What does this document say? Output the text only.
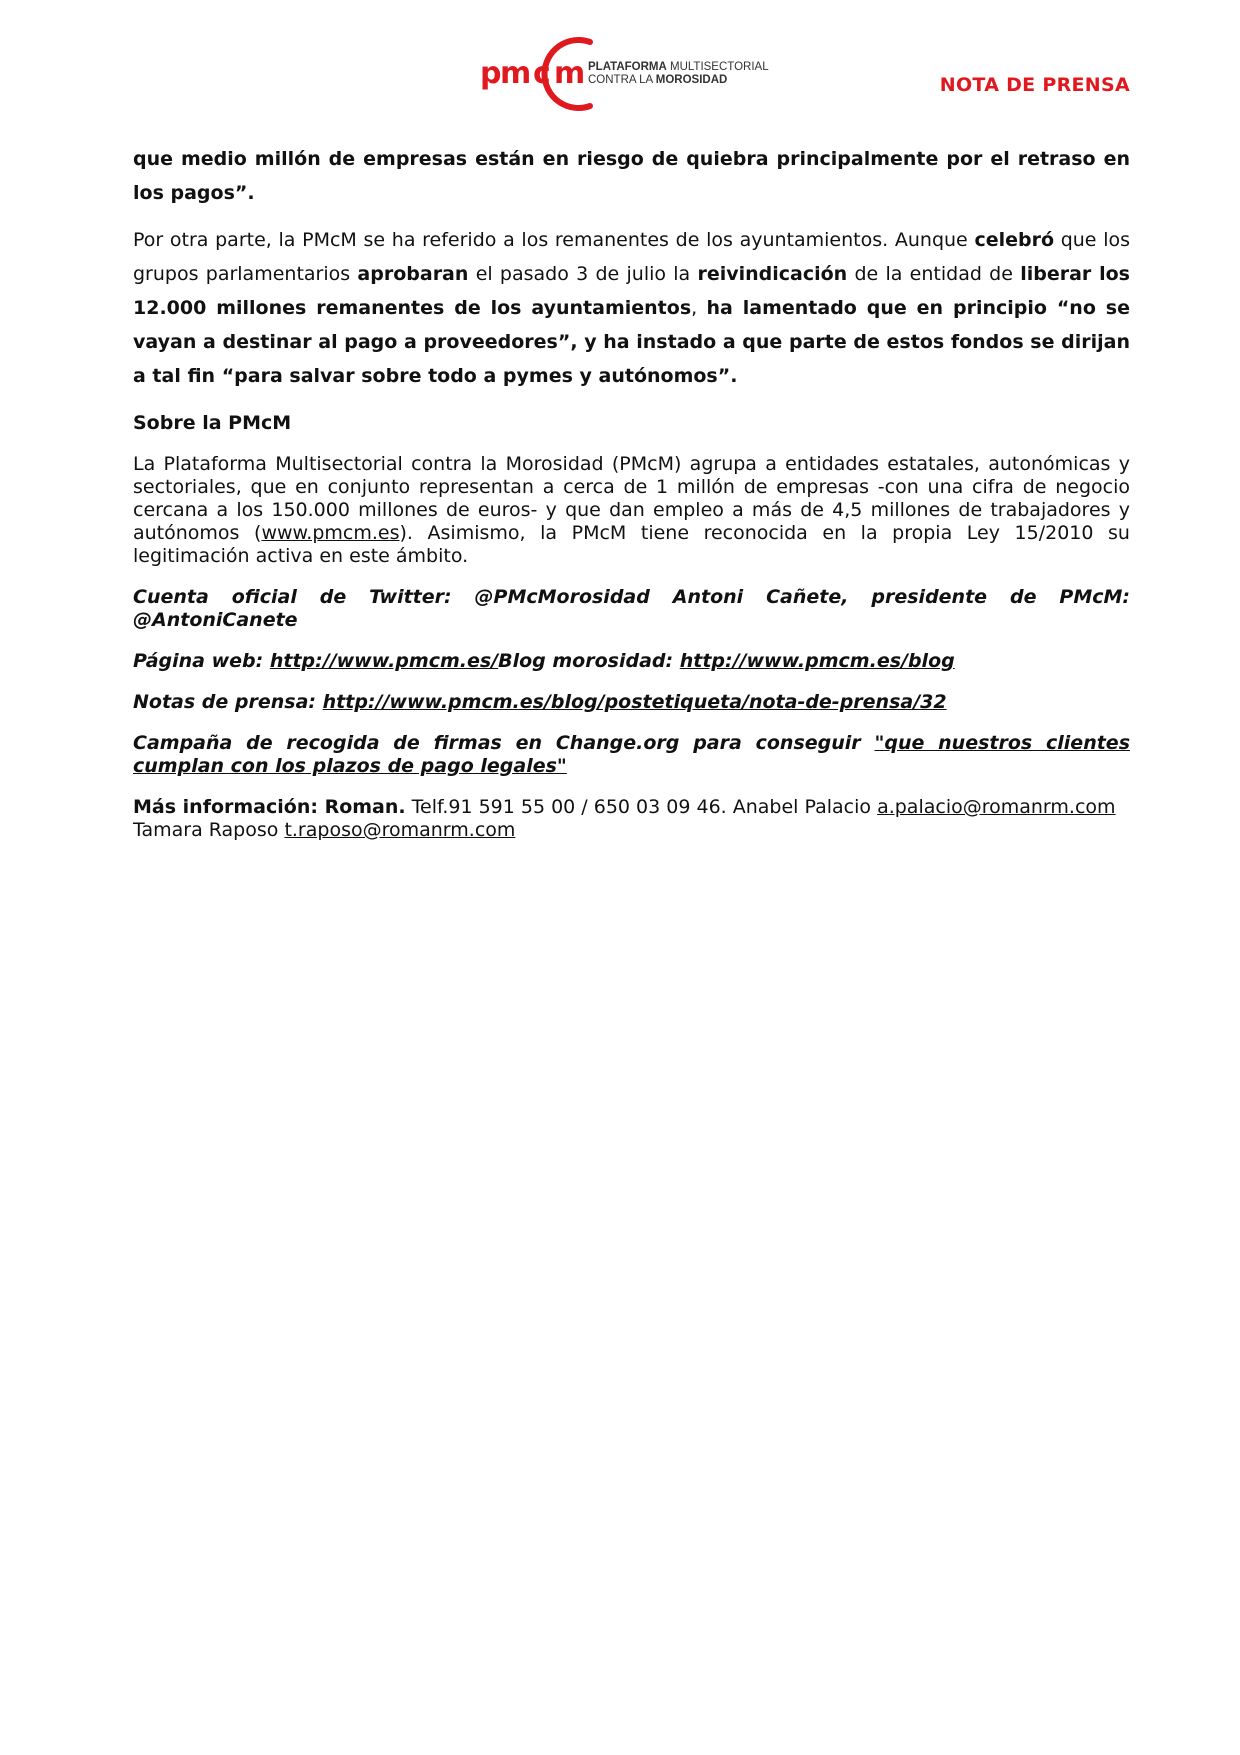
p
m c m PLATAFORMA MULTISECTORIAL
CONTRA LA MOROSIDAD	NOTA DE PRENSA

que medio millón de empresas están en riesgo de quiebra principalmente por el retraso en los pagos”.

Por otra parte, la PMcM se ha referido a los remanentes de los ayuntamientos. Aunque celebró que los grupos parlamentarios aprobaran el pasado 3 de julio la reivindicación de la entidad de liberar los 12.000 millones remanentes de los ayuntamientos, ha lamentado que en principio “no se vayan a destinar al pago a proveedores”, y ha instado a que parte de estos fondos se dirijan a tal fin “para salvar sobre todo a pymes y autónomos”.

Sobre la PMcM

La Plataforma Multisectorial contra la Morosidad (PMcM) agrupa a entidades estatales, autonómicas y sectoriales, que en conjunto representan a cerca de 1 millón de empresas -con una cifra de negocio cercana a los 150.000 millones de euros- y que dan empleo a más de 4,5 millones de trabajadores y autónomos (www.pmcm.es). Asimismo, la PMcM tiene reconocida en la propia Ley 15/2010 su legitimación activa en este ámbito.

Cuenta oficial de Twitter: @PMcMorosidad Antoni Cañete, presidente de PMcM: @AntoniCanete

Página web: http://www.pmcm.es/Blog morosidad: http://www.pmcm.es/blog

Notas de prensa: http://www.pmcm.es/blog/postetiqueta/nota-de-prensa/32

Campaña de recogida de firmas en Change.org para conseguir "que nuestros clientes cumplan con los plazos de pago legales"

Más información: Roman. Telf.91 591 55 00 / 650 03 09 46. Anabel Palacio a.palacio@romanrm.com
Tamara Raposo t.raposo@romanrm.com
